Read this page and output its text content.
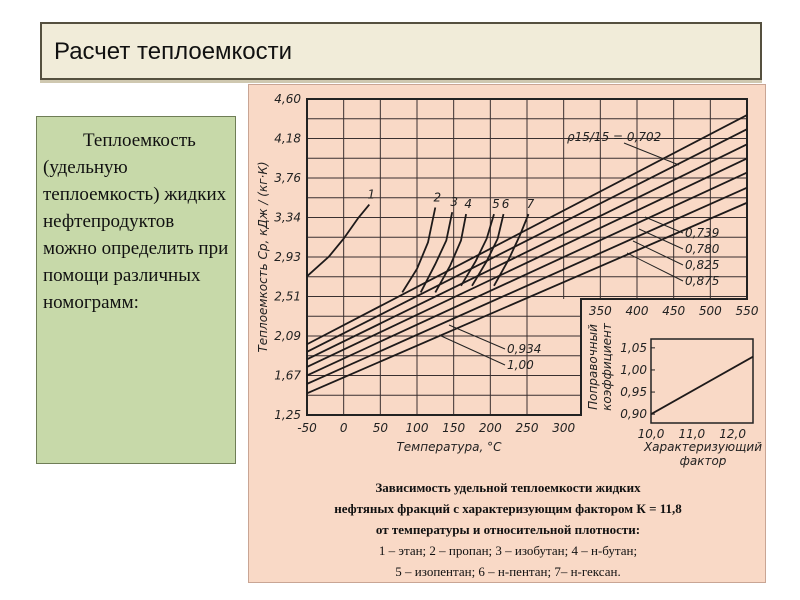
Расчет теплоемкости

Теплоемкость (удельную теплоемкость) жидких нефтепродуктов можно определить при помощи различных номограмм:

4,60
4,18
3,76
3,34
2,93
2,51
2,09
1,67
1,25
-50 0 50 100 150 200 250 300
350 400 450 500 550
Температура, °С
Теплоемкость Cр, кДж / (кг·К)	1	2 3 4 5 6 7
ρ15/15 = 0,702
0,739
0,780
0,825
0,875
0,934
1,00
1,05
1,00
0,95
0,90
10,0 11,0 12,0
Поправочный коэффициент
Характеризующий
фактор
Зависимость удельной теплоемкости жидких
нефтяных фракций с характеризующим фактором К = 11,8
от температуры и относительной плотности:
1 – этан; 2 – пропан; 3 – изобутан; 4 – н-бутан;
5 – изопентан; 6 – н-пентан; 7– н-гексан.
